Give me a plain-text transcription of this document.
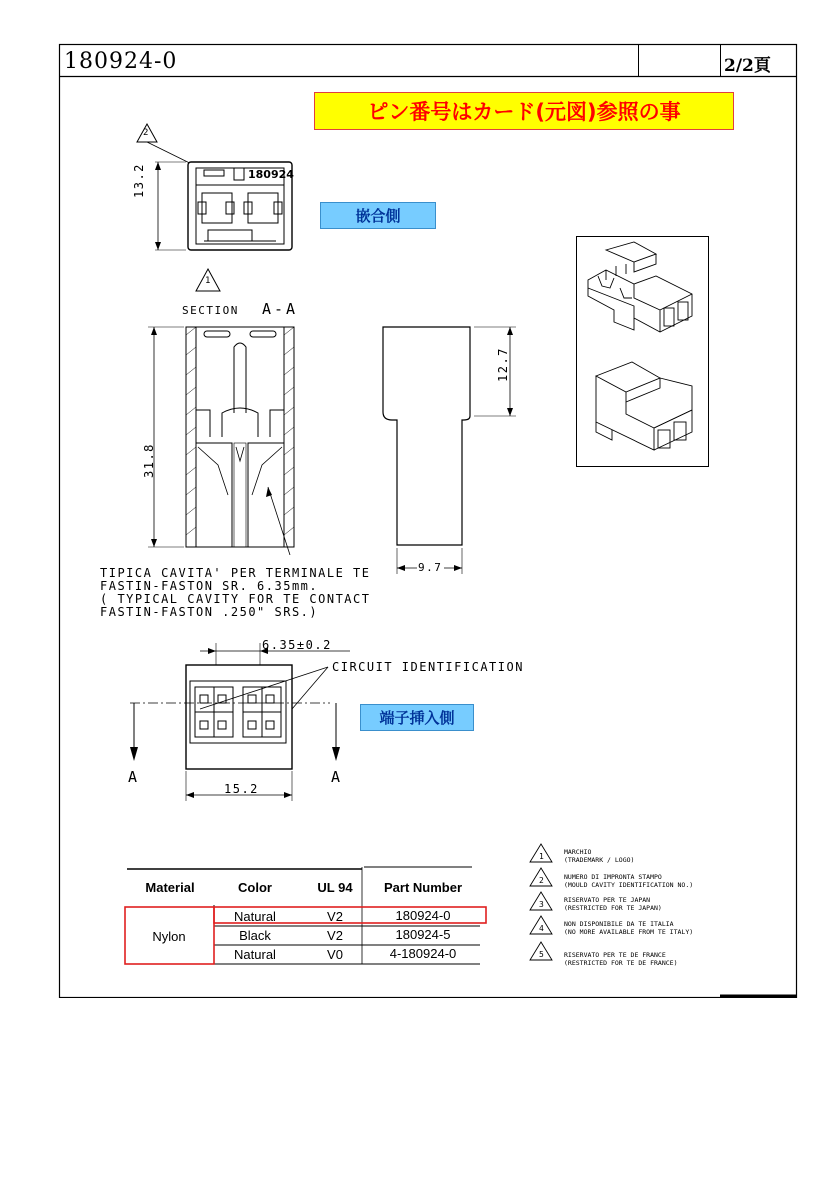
180924-0	2/2頁
ピン番号はカード(元図)参照の事
嵌合側
端子挿入側
180924
2
13.2
1
SECTION A-A
31.8
TIPICA CAVITA' PER TERMINALE TE
FASTIN-FASTON SR. 6.35mm.
( TYPICAL CAVITY FOR TE CONTACT
FASTIN-FASTON .250" SRS.)
12.7
9.7
6.35±0.2
CIRCUIT IDENTIFICATION
A	A
15.2
Material	Color	UL 94	Part Number
Nylon
Natural	V2	180924-0
Black	V2	180924-5
Natural	V0	4-180924-0
1
2
3
4
5
MARCHIO
(TRADEMARK / LOGO)
NUMERO DI IMPRONTA STAMPO
(MOULD CAVITY IDENTIFICATION NO.)
RISERVATO PER TE JAPAN
(RESTRICTED FOR TE JAPAN)
NON DISPONIBILE DA TE ITALIA
(NO MORE AVAILABLE FROM TE ITALY)
RISERVATO PER TE DE FRANCE
(RESTRICTED FOR TE DE FRANCE)
